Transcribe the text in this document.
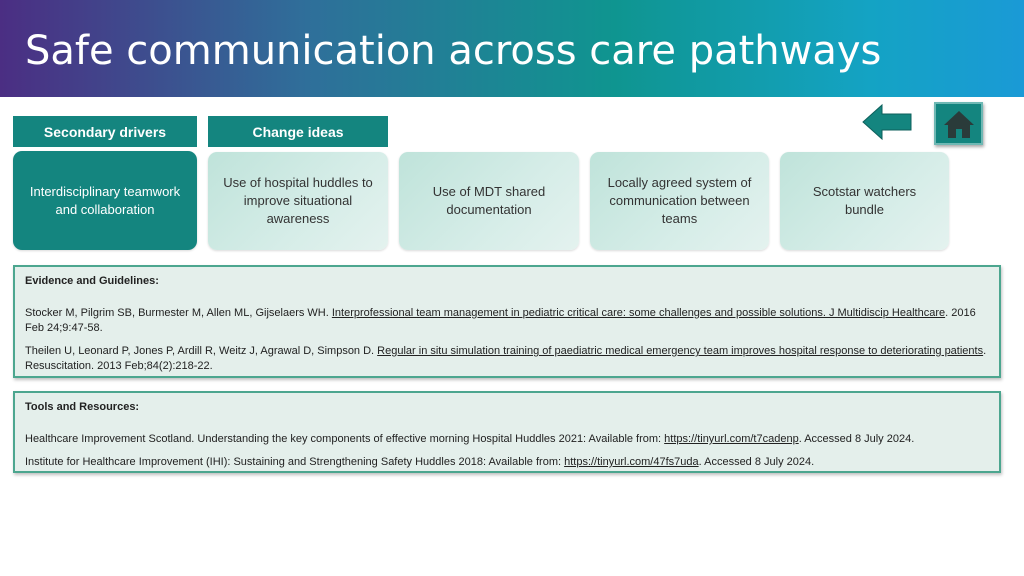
Safe communication across care pathways
Secondary drivers	Change ideas
Interdisciplinary teamwork and collaboration
Use of hospital huddles to improve situational awareness
Use of MDT shared documentation
Locally agreed system of communication between teams
Scotstar watchers bundle
Evidence and Guidelines:
Stocker M, Pilgrim SB, Burmester M, Allen ML, Gijselaers WH. Interprofessional team management in pediatric critical care: some challenges and possible solutions. J Multidiscip Healthcare. 2016 Feb 24;9:47-58.
Theilen U, Leonard P, Jones P, Ardill R, Weitz J, Agrawal D, Simpson D. Regular in situ simulation training of paediatric medical emergency team improves hospital response to deteriorating patients. Resuscitation. 2013 Feb;84(2):218-22.
Tools and Resources:
Healthcare Improvement Scotland. Understanding the key components of effective morning Hospital Huddles 2021: Available from: https://tinyurl.com/t7cadenp. Accessed 8 July 2024.
Institute for Healthcare Improvement (IHI): Sustaining and Strengthening Safety Huddles 2018: Available from: https://tinyurl.com/47fs7uda. Accessed 8 July 2024.
